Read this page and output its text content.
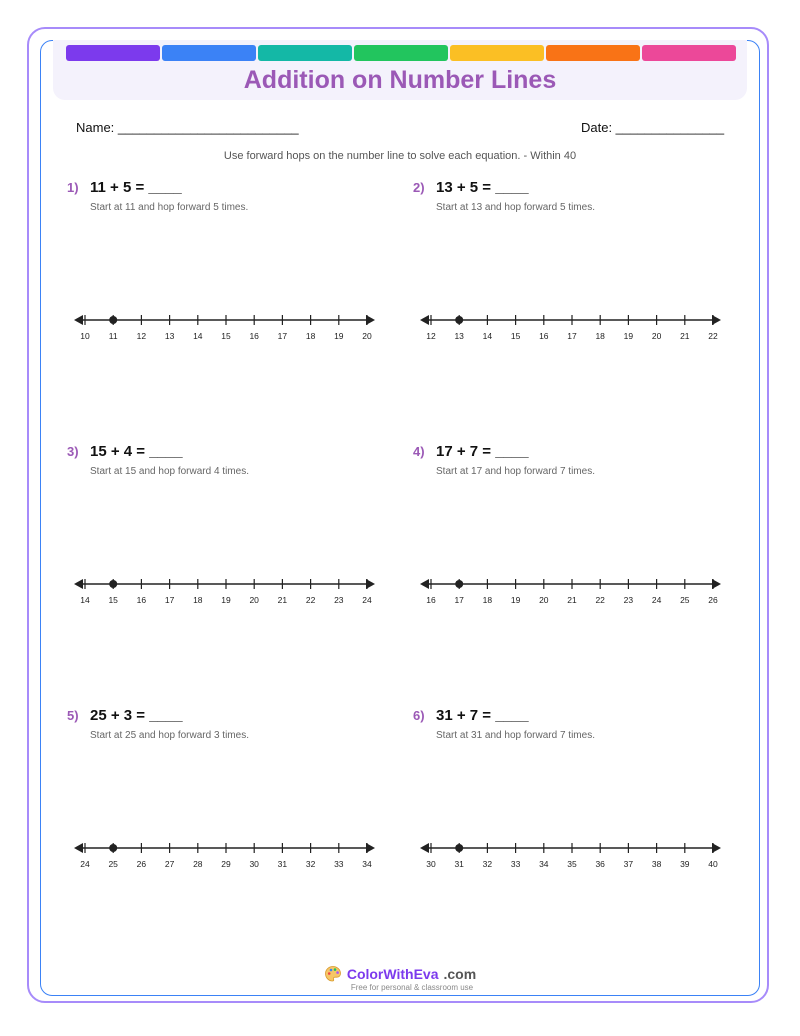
Addition on Number Lines
Name: _________________________	Date: _______________
Use forward hops on the number line to solve each equation. - Within 40
1) 11 + 5 = ____
Start at 11 and hop forward 5 times.
2) 13 + 5 = ____
Start at 13 and hop forward 5 times.
3) 15 + 4 = ____
Start at 15 and hop forward 4 times.
4) 17 + 7 = ____
Start at 17 and hop forward 7 times.
5) 25 + 3 = ____
Start at 25 and hop forward 3 times.
6) 31 + 7 = ____
Start at 31 and hop forward 7 times.
10 11 12 13 14 15 16 17 18 19 20	12 13 14 15 16 17 18 19 20 21 22
14 15 16 17 18 19 20 21 22 23 24	16 17 18 19 20 21 22 23 24 25 26
24 25 26 27 28 29 30 31 32 33 34	30 31 32 33 34 35 36 37 38 39 40
ColorWithEva .com
Free for personal & classroom use
